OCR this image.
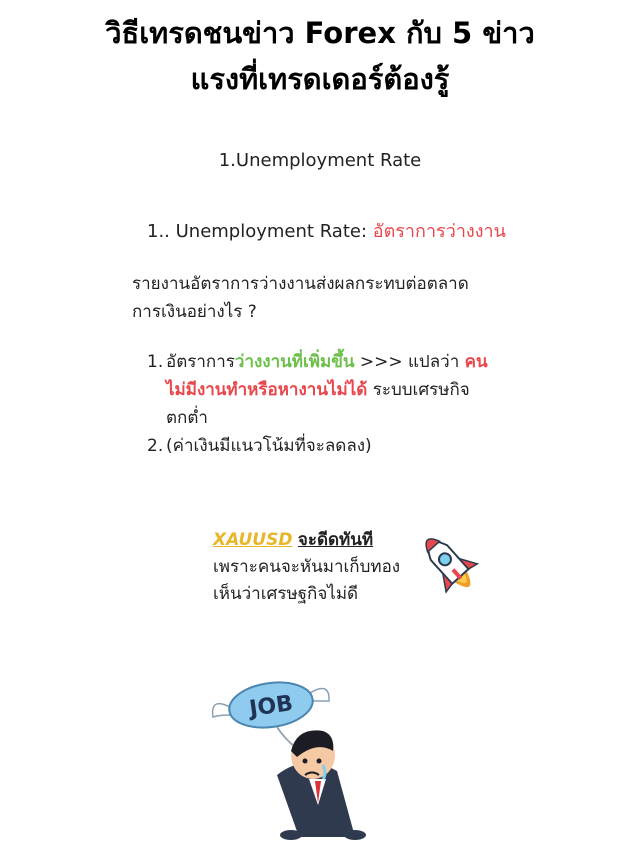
วิธีเทรดชนข่าว Forex กับ 5 ข่าว
แรงที่เทรดเดอร์ต้องรู้
1.Unemployment Rate
1.. Unemployment Rate: อัตราการว่างงาน
รายงานอัตราการว่างงานส่งผลกระทบต่อตลาด
การเงินอย่างไร ?
1. อัตราการว่างงานที่เพิ่มขึ้น >>> แปลว่า คน
ไม่มีงานทำหรือหางานไม่ได้ ระบบเศรษกิจ
ตกต่ำ
2. (ค่าเงินมีแนวโน้มที่จะลดลง)
XAUUSD จะดีดทันที
เพราะคนจะหันมาเก็บทอง
เห็นว่าเศรษฐกิจไม่ดี
JOB
